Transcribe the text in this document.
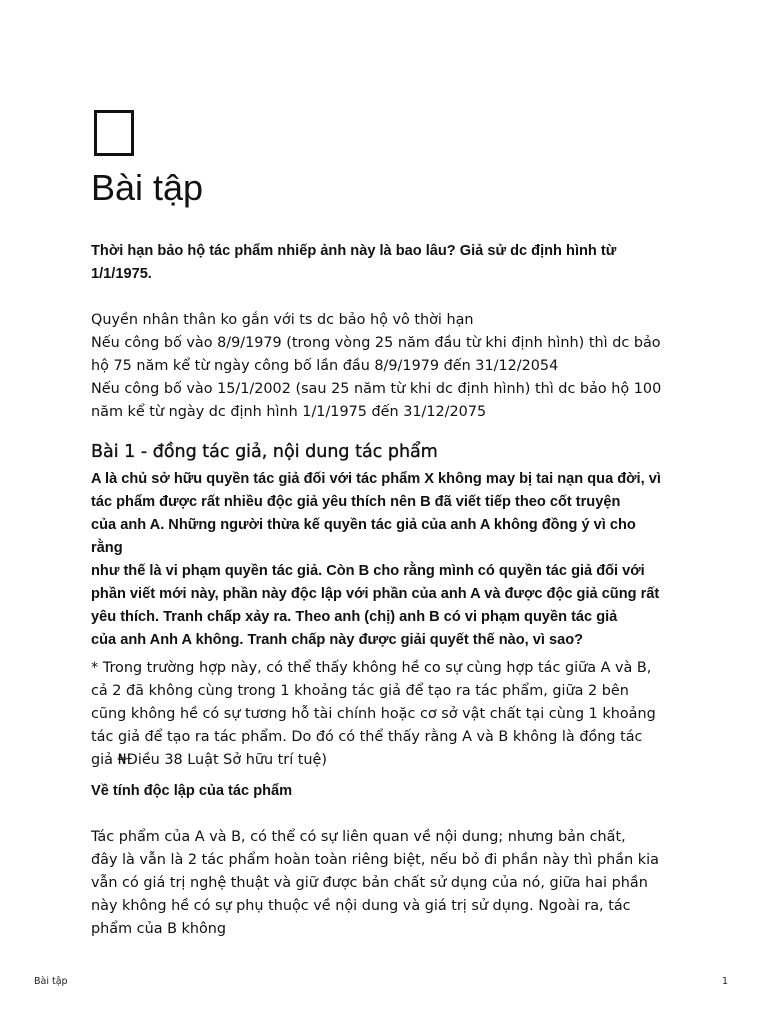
Bài tập

Thời hạn bảo hộ tác phẩm nhiếp ảnh này là bao lâu? Giả sử dc định hình từ

1/1/1975.

Quyền nhân thân ko gắn với ts dc bảo hộ vô thời hạn

Nếu công bố vào 8/9/1979 (trong vòng 25 năm đầu từ khi định hình) thì dc bảo

hộ 75 năm kể từ ngày công bố lần đầu 8/9/1979 đến 31/12/2054

Nếu công bố vào 15/1/2002 (sau 25 năm từ khi dc định hình) thì dc bảo hộ 100

năm kể từ ngày dc định hình 1/1/1975 đến 31/12/2075

Bài 1 - đồng tác giả, nội dung tác phẩm

A là chủ sở hữu quyền tác giả đối với tác phẩm X không may bị tai nạn qua đời, vì

tác phẩm được rất nhiều độc giả yêu thích nên B đã viết tiếp theo cốt truyện

của anh A. Những người thừa kế quyền tác giả của anh A không đồng ý vì cho

rằng

như thế là vi phạm quyền tác giả. Còn B cho rằng mình có quyền tác giả đối với

phần viết mới này, phần này độc lập với phần của anh A và được độc giả cũng rất

yêu thích. Tranh chấp xảy ra. Theo anh (chị) anh B có vi phạm quyền tác giả

của anh Anh A không. Tranh chấp này được giải quyết thế nào, vì sao?

* Trong trường hợp này, có thể thấy không hề co sự cùng hợp tác giữa A và B,

cả 2 đã không cùng trong 1 khoảng tác giả để tạo ra tác phẩm, giữa 2 bên

cũng không hề có sự tương hỗ tài chính hoặc cơ sở vật chất tại cùng 1 khoảng

tác giả để tạo ra tác phẩm. Do đó có thể thấy rằng A và B không là đồng tác

giả ₦Điều 38 Luật Sở hữu trí tuệ)

Về tính độc lập của tác phẩm

Tác phẩm của A và B, có thể có sự liên quan về nội dung; nhưng bản chất,

đây là vẫn là 2 tác phẩm hoàn toàn riêng biệt, nếu bỏ đi phần này thì phần kia

vẫn có giá trị nghệ thuật và giữ được bản chất sử dụng của nó, giữa hai phần

này không hề có sự phụ thuộc về nội dung và giá trị sử dụng. Ngoài ra, tác

phẩm của B không

Bài tập	1
